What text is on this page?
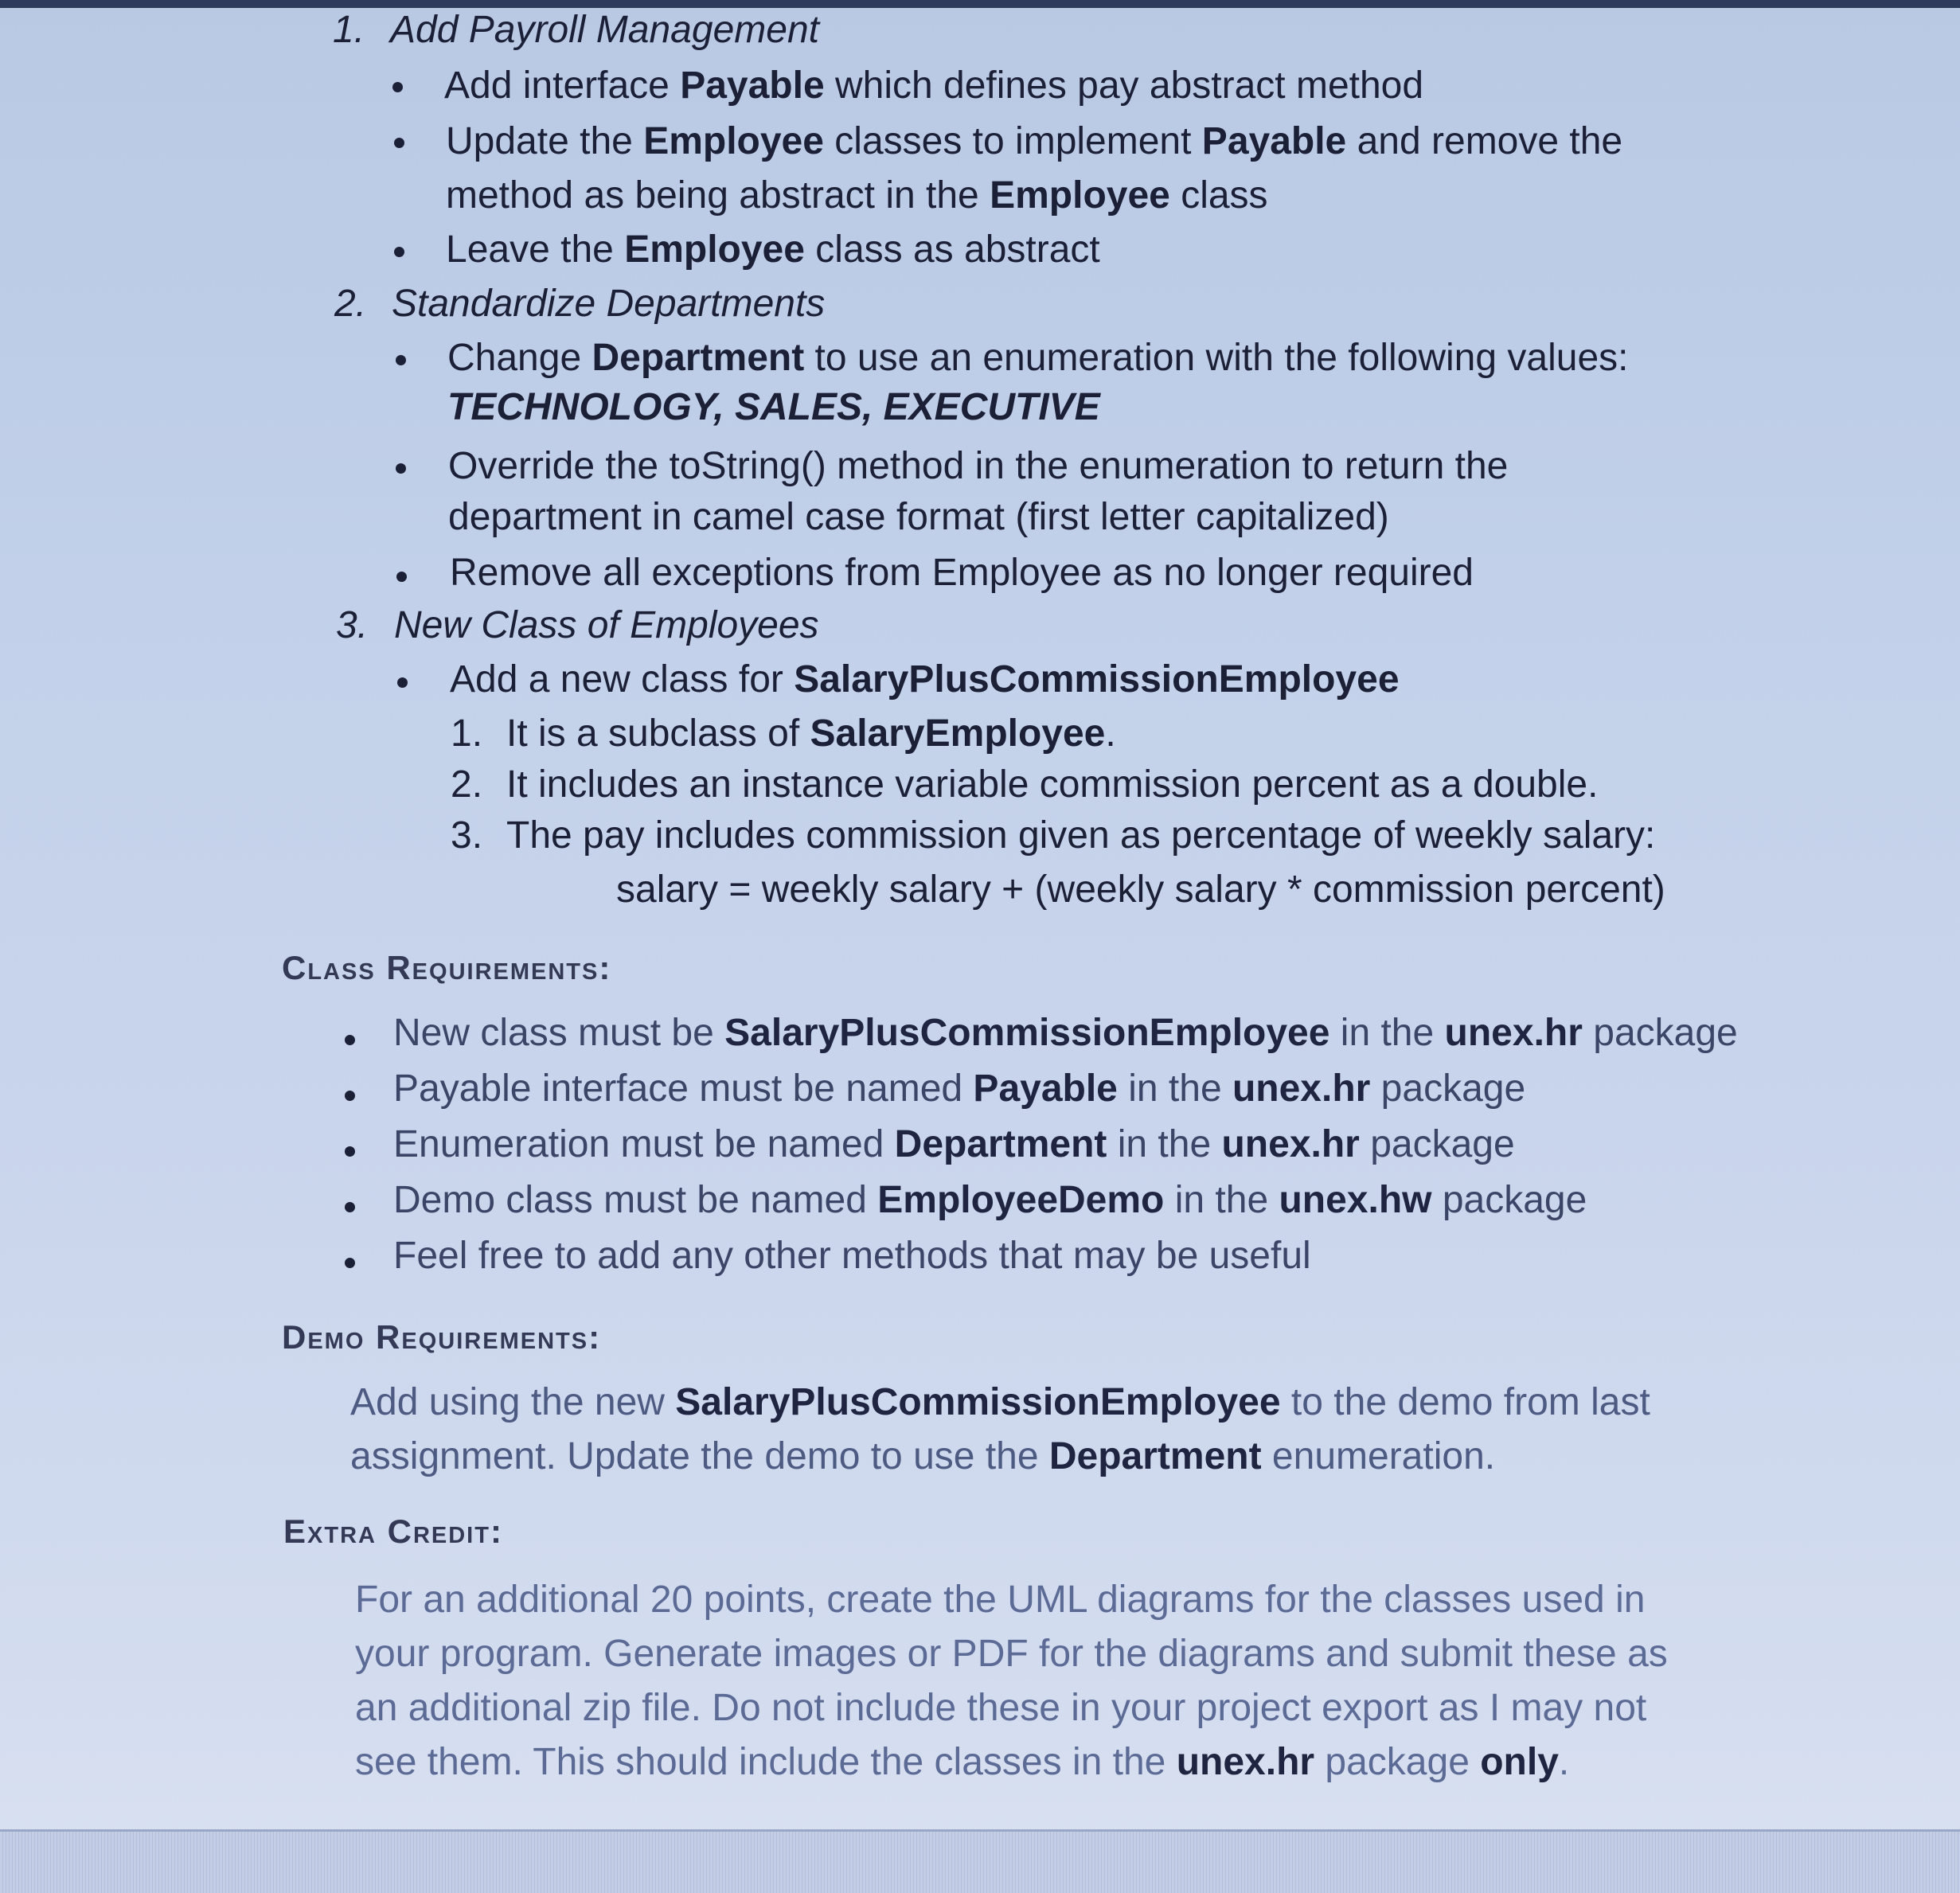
1. Add Payroll Management
Add interface Payable which defines pay abstract method
Update the Employee classes to implement Payable and remove the
method as being abstract in the Employee class
Leave the Employee class as abstract
2. Standardize Departments
Change Department to use an enumeration with the following values:
TECHNOLOGY, SALES, EXECUTIVE
Override the toString() method in the enumeration to return the
department in camel case format (first letter capitalized)
Remove all exceptions from Employee as no longer required
3. New Class of Employees
Add a new class for SalaryPlusCommissionEmployee
1. It is a subclass of SalaryEmployee.
2. It includes an instance variable commission percent as a double.
3. The pay includes commission given as percentage of weekly salary:
salary = weekly salary + (weekly salary * commission percent)
Class Requirements:
New class must be SalaryPlusCommissionEmployee in the unex.hr package
Payable interface must be named Payable in the unex.hr package
Enumeration must be named Department in the unex.hr package
Demo class must be named EmployeeDemo in the unex.hw package
Feel free to add any other methods that may be useful
Demo Requirements:
Add using the new SalaryPlusCommissionEmployee to the demo from last
assignment. Update the demo to use the Department enumeration.
Extra Credit:
For an additional 20 points, create the UML diagrams for the classes used in
your program. Generate images or PDF for the diagrams and submit these as
an additional zip file. Do not include these in your project export as I may not
see them. This should include the classes in the unex.hr package only.
